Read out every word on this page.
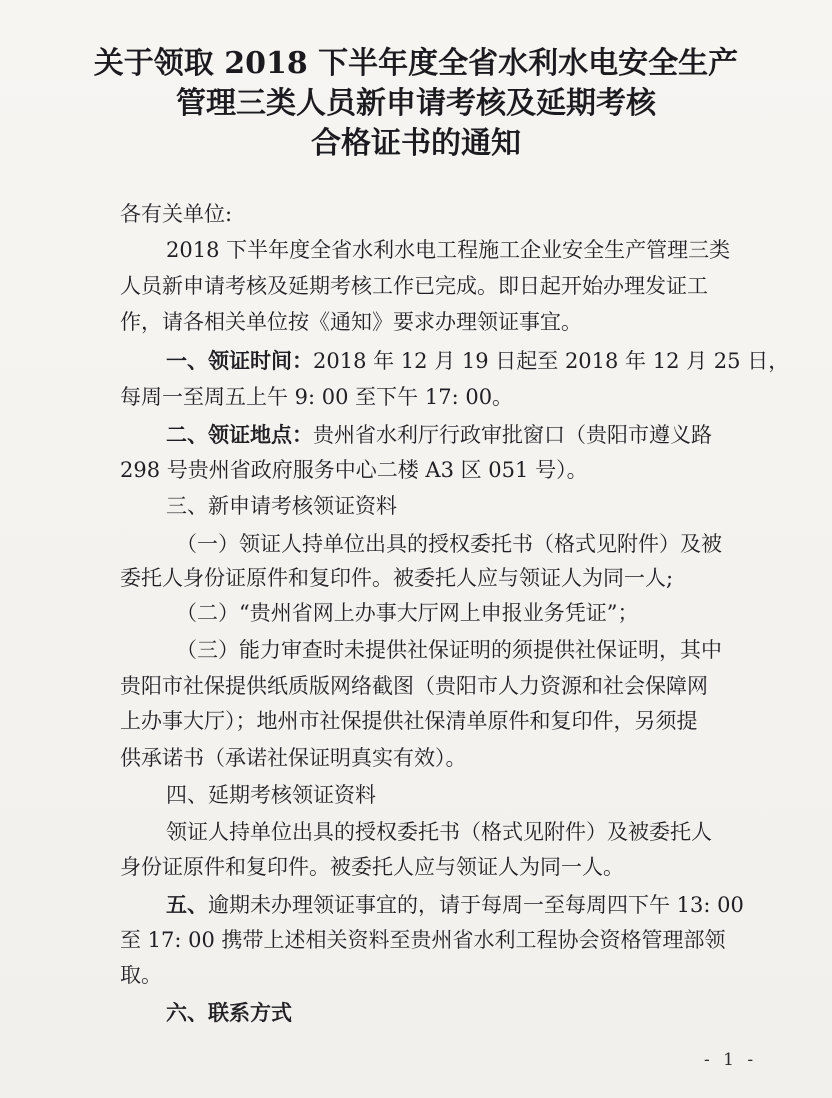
关于领取 2018 下半年度全省水利水电安全生产
管理三类人员新申请考核及延期考核
合格证书的通知
各有关单位:
2018 下半年度全省水利水电工程施工企业安全生产管理三类
人员新申请考核及延期考核工作已完成。即日起开始办理发证工
作，请各相关单位按《通知》要求办理领证事宜。
一、领证时间：2018 年 12 月 19 日起至 2018 年 12 月 25 日，
每周一至周五上午 9: 00 至下午 17: 00。
二、领证地点：贵州省水利厅行政审批窗口（贵阳市遵义路
298 号贵州省政府服务中心二楼 A3 区 051 号）。
三、新申请考核领证资料
（一）领证人持单位出具的授权委托书（格式见附件）及被
委托人身份证原件和复印件。被委托人应与领证人为同一人;
（二）“贵州省网上办事大厅网上申报业务凭证”；
（三）能力审查时未提供社保证明的须提供社保证明，其中
贵阳市社保提供纸质版网络截图（贵阳市人力资源和社会保障网
上办事大厅）；地州市社保提供社保清单原件和复印件，另须提
供承诺书（承诺社保证明真实有效）。
四、延期考核领证资料
领证人持单位出具的授权委托书（格式见附件）及被委托人
身份证原件和复印件。被委托人应与领证人为同一人。
五、逾期未办理领证事宜的，请于每周一至每周四下午 13: 00
至 17: 00 携带上述相关资料至贵州省水利工程协会资格管理部领
取。
六、联系方式
- 1 -
